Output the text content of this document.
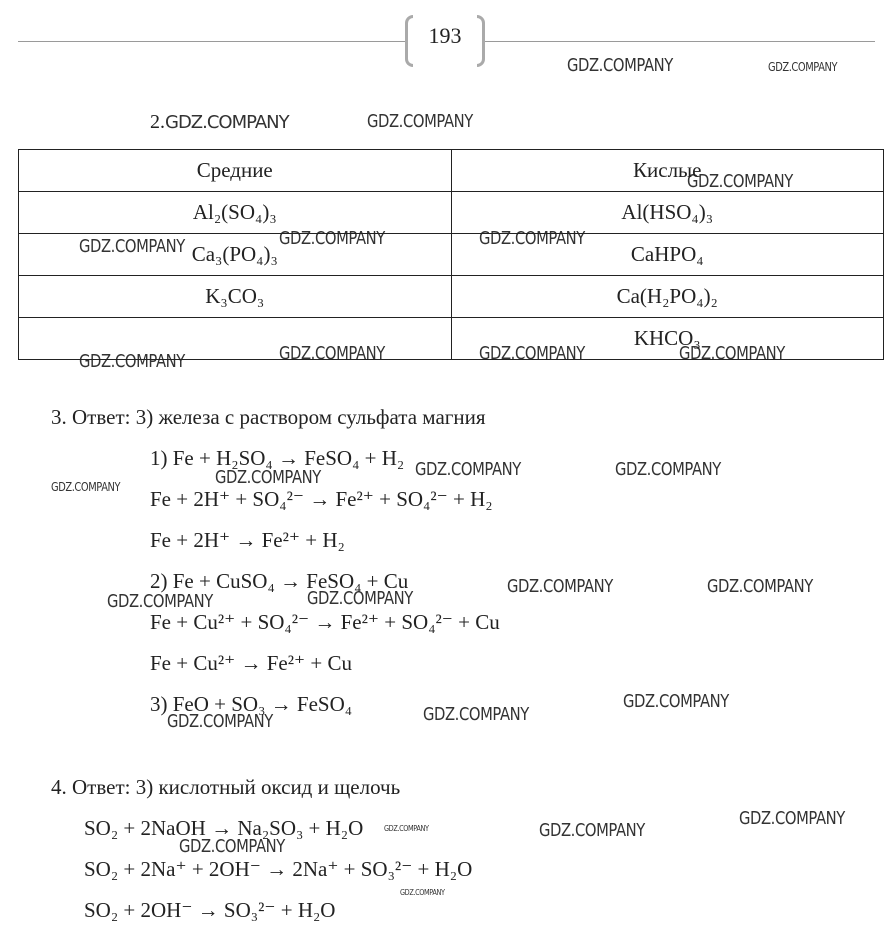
193
GDZ.COMPANY	GDZ.COMPANY
GDZ.COMPANY
GDZ.COMPANY
GDZ.COMPANY	GDZ.COMPANY	GDZ.COMPANY
GDZ.COMPANY	GDZ.COMPANY	GDZ.COMPANY	GDZ.COMPANY
GDZ.COMPANY	GDZ.COMPANY	GDZ.COMPANY	GDZ.COMPANY
GDZ.COMPANY	GDZ.COMPANY
GDZ.COMPANY	GDZ.COMPANY
GDZ.COMPANY	GDZ.COMPANY
GDZ.COMPANY
GDZ.COMPANY
GDZ.COMPANY
GDZ.COMPANY
GDZ.COMPANY
GDZ.COMPANY
2.GDZ.COMPANY
Средние	Кислые
Al₂(SO₄)₃	Al(HSO₄)₃
Ca₃(PO₄)₃	CaHPO₄
K₃CO₃	Ca(H₂PO₄)₂
	KHCO₃
3. Ответ: 3) железа с раствором сульфата магния
1) Fe + H₂SO₄ → FeSO₄ + H₂
Fe + 2H⁺ + SO₄²⁻ → Fe²⁺ + SO₄²⁻ + H₂
Fe + 2H⁺ → Fe²⁺ + H₂
2) Fe + CuSO₄ → FeSO₄ + Cu
Fe + Cu²⁺ + SO₄²⁻ → Fe²⁺ + SO₄²⁻ + Cu
Fe + Cu²⁺ → Fe²⁺ + Cu
3) FeO + SO₃ → FeSO₄
4. Ответ: 3) кислотный оксид и щелочь
SO₂ + 2NaOH → Na₂SO₃ + H₂O
SO₂ + 2Na⁺ + 2OH⁻ → 2Na⁺ + SO₃²⁻ + H₂O
SO₂ + 2OH⁻ → SO₃²⁻ + H₂O
